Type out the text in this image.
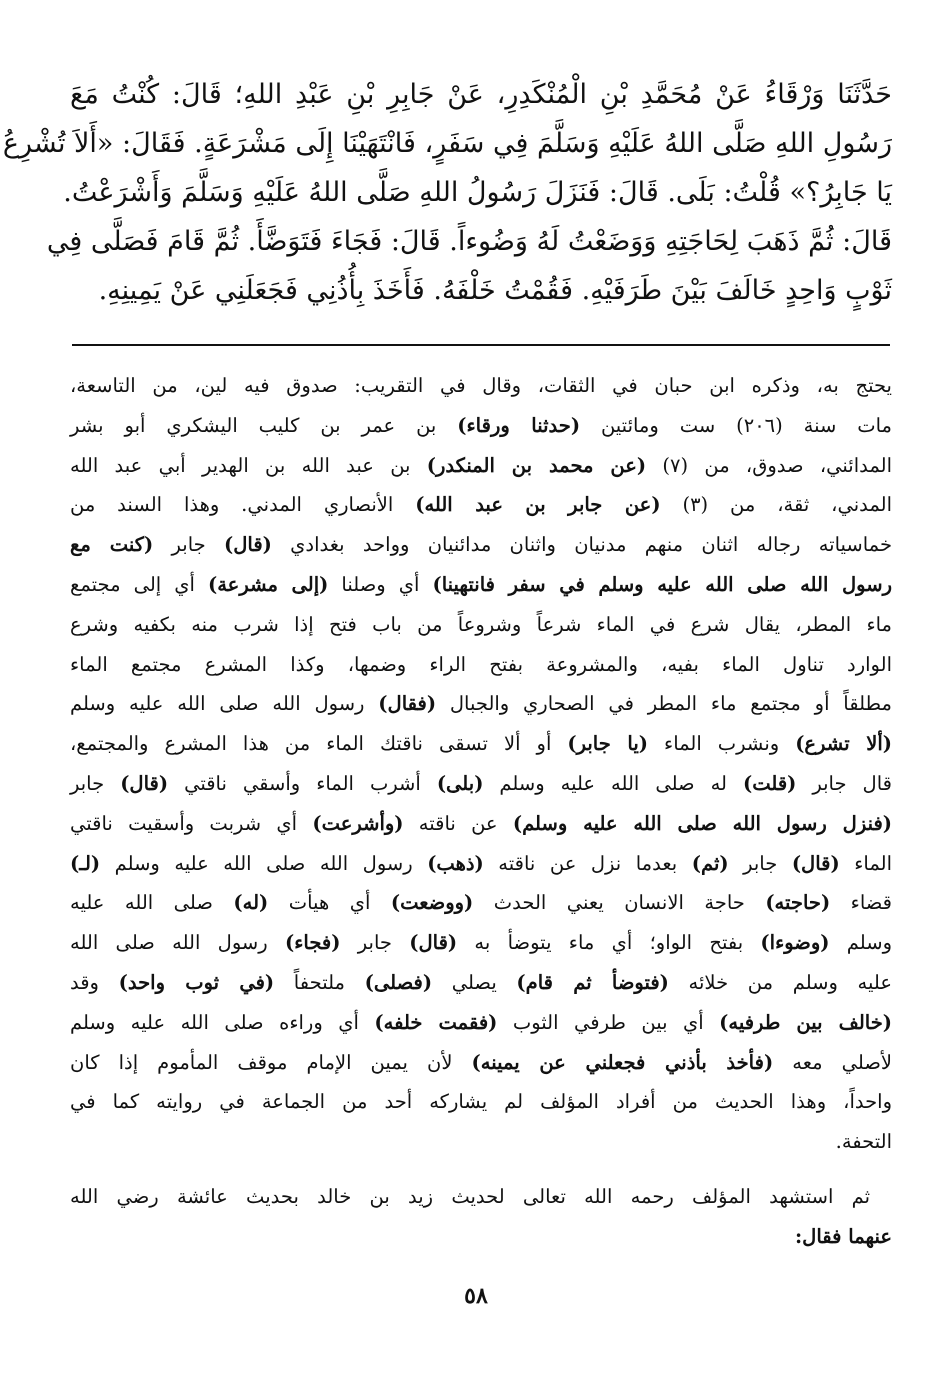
حَدَّثَنَا وَرْقَاءُ عَنْ مُحَمَّدِ بْنِ الْمُنْكَدِرِ، عَنْ جَابِرِ بْنِ عَبْدِ اللهِ؛ قَالَ: كُنْتُ مَعَ
رَسُولِ اللهِ صَلَّى اللهُ عَلَيْهِ وَسَلَّمَ فِي سَفَرٍ، فَانْتَهَيْنَا إِلَى مَشْرَعَةٍ. فَقَالَ: «أَلاَ تُشْرِعُ
يَا جَابِرُ؟» قُلْتُ: بَلَى. قَالَ: فَنَزَلَ رَسُولُ اللهِ صَلَّى اللهُ عَلَيْهِ وَسَلَّمَ وَأَشْرَعْتُ.
قَالَ: ثُمَّ ذَهَبَ لِحَاجَتِهِ وَوَضَعْتُ لَهُ وَضُوءاً. قَالَ: فَجَاءَ فَتَوَضَّأَ. ثُمَّ قَامَ فَصَلَّى فِي
ثَوْبٍ وَاحِدٍ خَالَفَ بَيْنَ طَرَفَيْهِ. فَقُمْتُ خَلْفَهُ. فَأَخَذَ بِأُذُنِي فَجَعَلَنِي عَنْ يَمِينِهِ.
يحتج به، وذكره ابن حبان في الثقات، وقال في التقريب: صدوق فيه لين، من التاسعة،
مات سنة (٢٠٦) ست ومائتين (حدثنا ورقاء) بن عمر بن كليب اليشكري أبو بشر
المدائني، صدوق، من (٧) (عن محمد بن المنكدر) بن عبد الله بن الهدير أبي عبد الله
المدني، ثقة، من (٣) (عن جابر بن عبد الله) الأنصاري المدني. وهذا السند من
خماسياته رجاله اثنان منهم مدنيان واثنان مدائنيان وواحد بغدادي (قال) جابر (كنت مع
رسول الله صلى الله عليه وسلم في سفر فانتهينا) أي وصلنا (إلى مشرعة) أي إلى مجتمع
ماء المطر، يقال شرع في الماء شرعاً وشروعاً من باب فتح إذا شرب منه بكفيه وشرع
الوارد تناول الماء بفيه، والمشروعة بفتح الراء وضمها، وكذا المشرع مجتمع الماء
مطلقاً أو مجتمع ماء المطر في الصحاري والجبال (فقال) رسول الله صلى الله عليه وسلم
(ألا تشرع) ونشرب الماء (يا جابر) أو ألا تسقى ناقتك الماء من هذا المشرع والمجتمع،
قال جابر (قلت) له صلى الله عليه وسلم (بلى) أشرب الماء وأسقي ناقتي (قال) جابر
(فنزل رسول الله صلى الله عليه وسلم) عن ناقته (وأشرعت) أي شربت وأسقيت ناقتي
الماء (قال) جابر (ثم) بعدما نزل عن ناقته (ذهب) رسول الله صلى الله عليه وسلم (لـ)
قضاء (حاجته) حاجة الانسان يعني الحدث (ووضعت) أي هيأت (له) صلى الله عليه
وسلم (وضوءا) بفتح الواو؛ أي ماء يتوضأ به (قال) جابر (فجاء) رسول الله صلى الله
عليه وسلم من خلائه (فتوضأ ثم قام) يصلي (فصلى) ملتحفاً (في ثوب واحد) وقد
(خالف بين طرفيه) أي بين طرفي الثوب (فقمت خلفه) أي وراءه صلى الله عليه وسلم
لأصلي معه (فأخذ بأذني فجعلني عن يمينه) لأن يمين الإمام موقف المأموم إذا كان
واحداً، وهذا الحديث من أفراد المؤلف لم يشاركه أحد من الجماعة في روايته كما في
التحفة.
ثم استشهد المؤلف رحمه الله تعالى لحديث زيد بن خالد بحديث عائشة رضي الله
عنهما فقال:
٥٨
